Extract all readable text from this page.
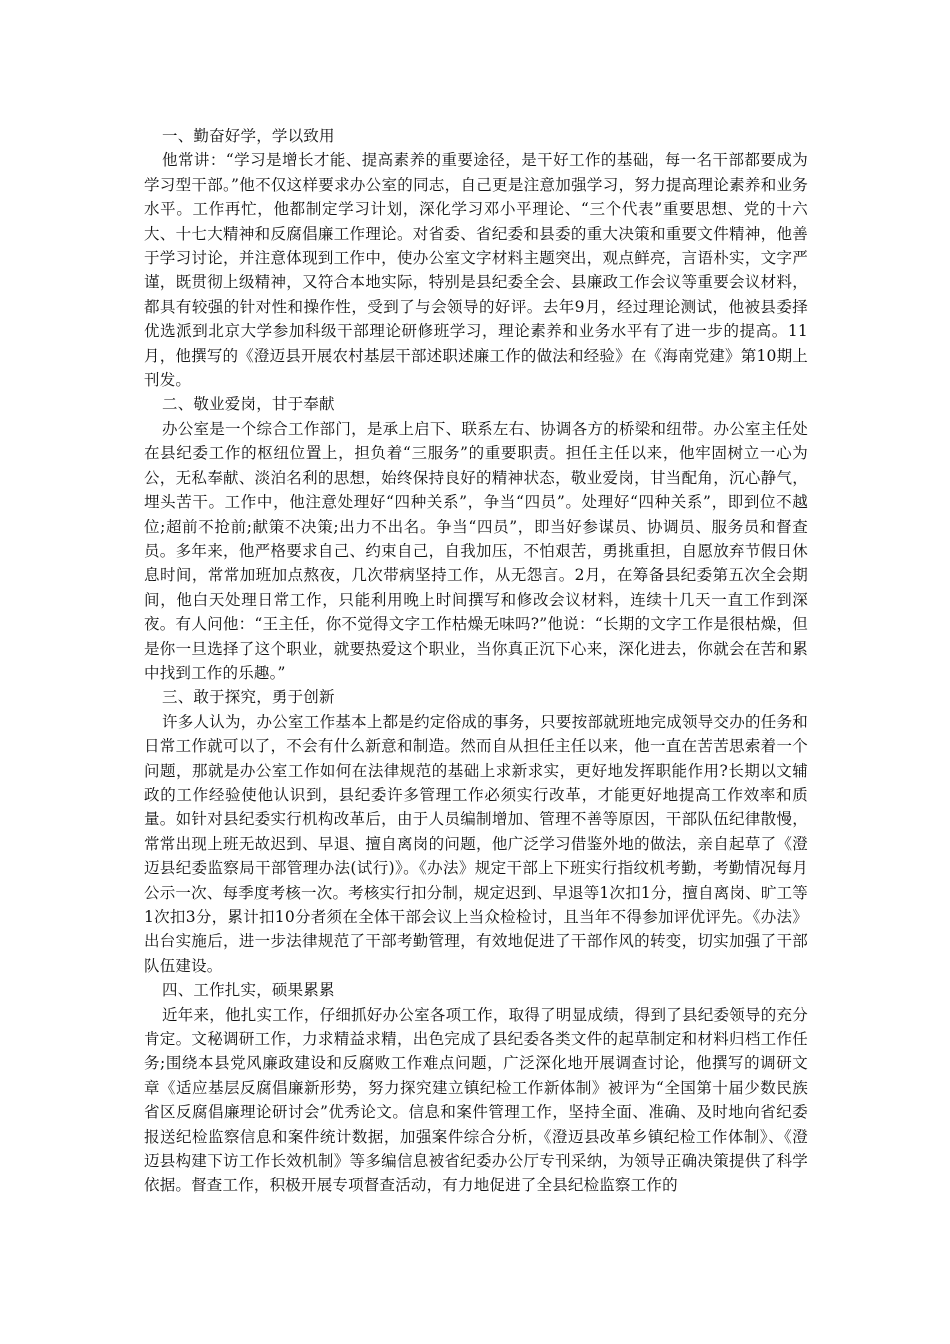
一、勤奋好学，学以致用

他常讲：“学习是增长才能、提高素养的重要途径，是干好工作的基础，每一名干部都要成为学习型干部。”他不仅这样要求办公室的同志，自己更是注意加强学习，努力提高理论素养和业务水平。工作再忙，他都制定学习计划，深化学习邓小平理论、“三个代表”重要思想、党的十六大、十七大精神和反腐倡廉工作理论。对省委、省纪委和县委的重大决策和重要文件精神，他善于学习讨论，并注意体现到工作中，使办公室文字材料主题突出，观点鲜亮，言语朴实，文字严谨，既贯彻上级精神，又符合本地实际，特别是县纪委全会、县廉政工作会议等重要会议材料，都具有较强的针对性和操作性，受到了与会领导的好评。去年9月，经过理论测试，他被县委择优选派到北京大学参加科级干部理论研修班学习，理论素养和业务水平有了进一步的提高。11月，他撰写的《澄迈县开展农村基层干部述职述廉工作的做法和经验》在《海南党建》第10期上刊发。

二、敬业爱岗，甘于奉献

办公室是一个综合工作部门，是承上启下、联系左右、协调各方的桥梁和纽带。办公室主任处在县纪委工作的枢纽位置上，担负着“三服务”的重要职责。担任主任以来，他牢固树立一心为公，无私奉献、淡泊名利的思想，始终保持良好的精神状态，敬业爱岗，甘当配角，沉心静气，埋头苦干。工作中，他注意处理好“四种关系”，争当“四员”。处理好“四种关系”，即到位不越位;超前不抢前;献策不决策;出力不出名。争当“四员”，即当好参谋员、协调员、服务员和督查员。多年来，他严格要求自己、约束自己，自我加压，不怕艰苦，勇挑重担，自愿放弃节假日休息时间，常常加班加点熬夜，几次带病坚持工作，从无怨言。2月，在筹备县纪委第五次全会期间，他白天处理日常工作，只能利用晚上时间撰写和修改会议材料，连续十几天一直工作到深夜。有人问他：“王主任，你不觉得文字工作枯燥无味吗?”他说：“长期的文字工作是很枯燥，但是你一旦选择了这个职业，就要热爱这个职业，当你真正沉下心来，深化进去，你就会在苦和累中找到工作的乐趣。”

三、敢于探究，勇于创新

许多人认为，办公室工作基本上都是约定俗成的事务，只要按部就班地完成领导交办的任务和日常工作就可以了，不会有什么新意和制造。然而自从担任主任以来，他一直在苦苦思索着一个问题，那就是办公室工作如何在法律规范的基础上求新求实，更好地发挥职能作用?长期以文辅政的工作经验使他认识到，县纪委许多管理工作必须实行改革，才能更好地提高工作效率和质量。如针对县纪委实行机构改革后，由于人员编制增加、管理不善等原因，干部队伍纪律散慢，常常出现上班无故迟到、早退、擅自离岗的问题，他广泛学习借鉴外地的做法，亲自起草了《澄迈县纪委监察局干部管理办法(试行)》。《办法》规定干部上下班实行指纹机考勤，考勤情况每月公示一次、每季度考核一次。考核实行扣分制，规定迟到、早退等1次扣1分，擅自离岗、旷工等1次扣3分，累计扣10分者须在全体干部会议上当众检检讨，且当年不得参加评优评先。《办法》出台实施后，进一步法律规范了干部考勤管理，有效地促进了干部作风的转变，切实加强了干部队伍建设。

四、工作扎实，硕果累累

近年来，他扎实工作，仔细抓好办公室各项工作，取得了明显成绩，得到了县纪委领导的充分肯定。文秘调研工作，力求精益求精，出色完成了县纪委各类文件的起草制定和材料归档工作任务;围绕本县党风廉政建设和反腐败工作难点问题，广泛深化地开展调查讨论，他撰写的调研文章《适应基层反腐倡廉新形势，努力探究建立镇纪检工作新体制》被评为“全国第十届少数民族省区反腐倡廉理论研讨会”优秀论文。信息和案件管理工作，坚持全面、准确、及时地向省纪委报送纪检监察信息和案件统计数据，加强案件综合分析，《澄迈县改革乡镇纪检工作体制》、《澄迈县构建下访工作长效机制》等多编信息被省纪委办公厅专刊采纳，为领导正确决策提供了科学依据。督查工作，积极开展专项督查活动，有力地促进了全县纪检监察工作的
